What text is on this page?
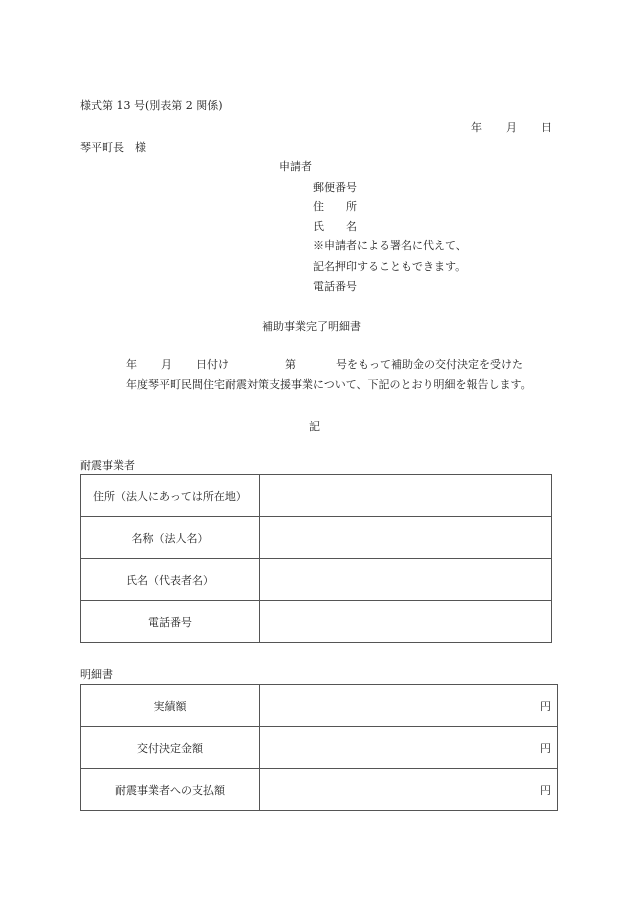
様式第 13 号(別表第 2 関係)
年 月 日
琴平町長　様
申請者
郵便番号
住　　所
氏　　名
※申請者による署名に代えて、
記名押印することもできます。
電話番号
補助事業完了明細書
年 月 日付け	第	号をもって補助金の交付決定を受けた
年度琴平町民間住宅耐震対策支援事業について、下記のとおり明細を報告します。
記
耐震事業者
住所（法人にあっては所在地）	
名称（法人名）	
氏名（代表者名）	
電話番号	
明細書
実績額	円
交付決定金額	円
耐震事業者への支払額	円
